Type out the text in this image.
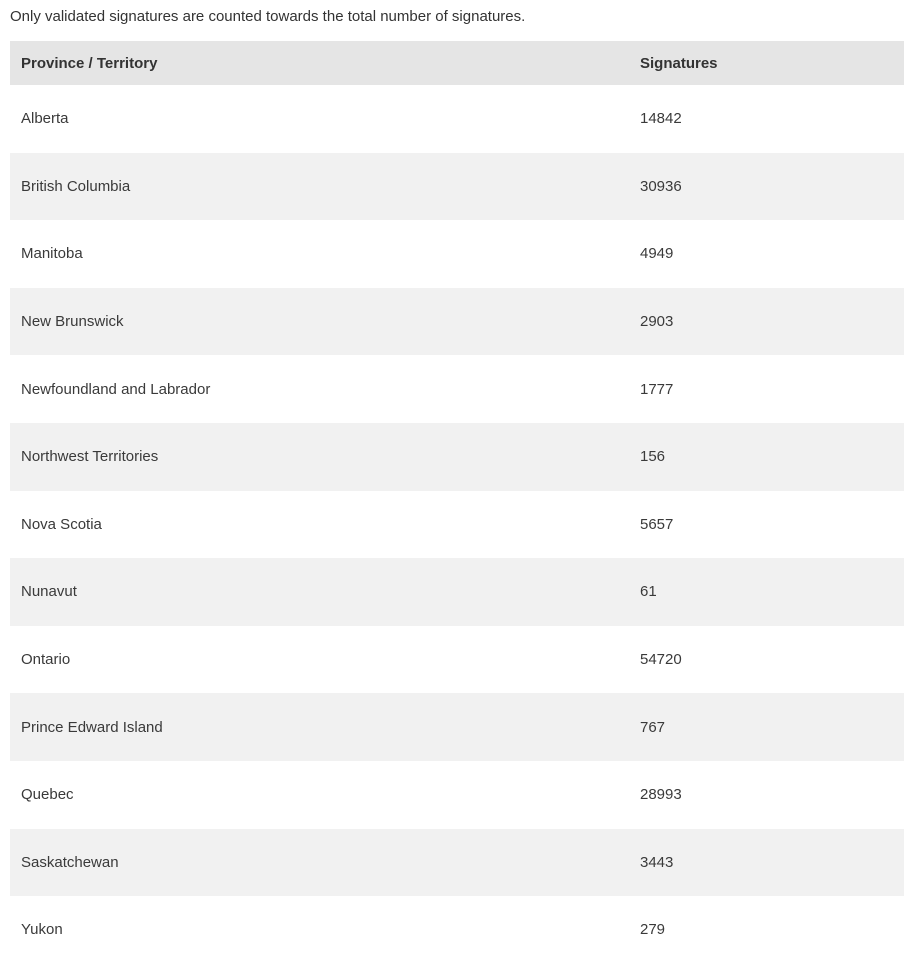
Only validated signatures are counted towards the total number of signatures.
Province / Territory	Signatures
Alberta	14842
British Columbia	30936
Manitoba	4949
New Brunswick	2903
Newfoundland and Labrador	1777
Northwest Territories	156
Nova Scotia	5657
Nunavut	61
Ontario	54720
Prince Edward Island	767
Quebec	28993
Saskatchewan	3443
Yukon	279
